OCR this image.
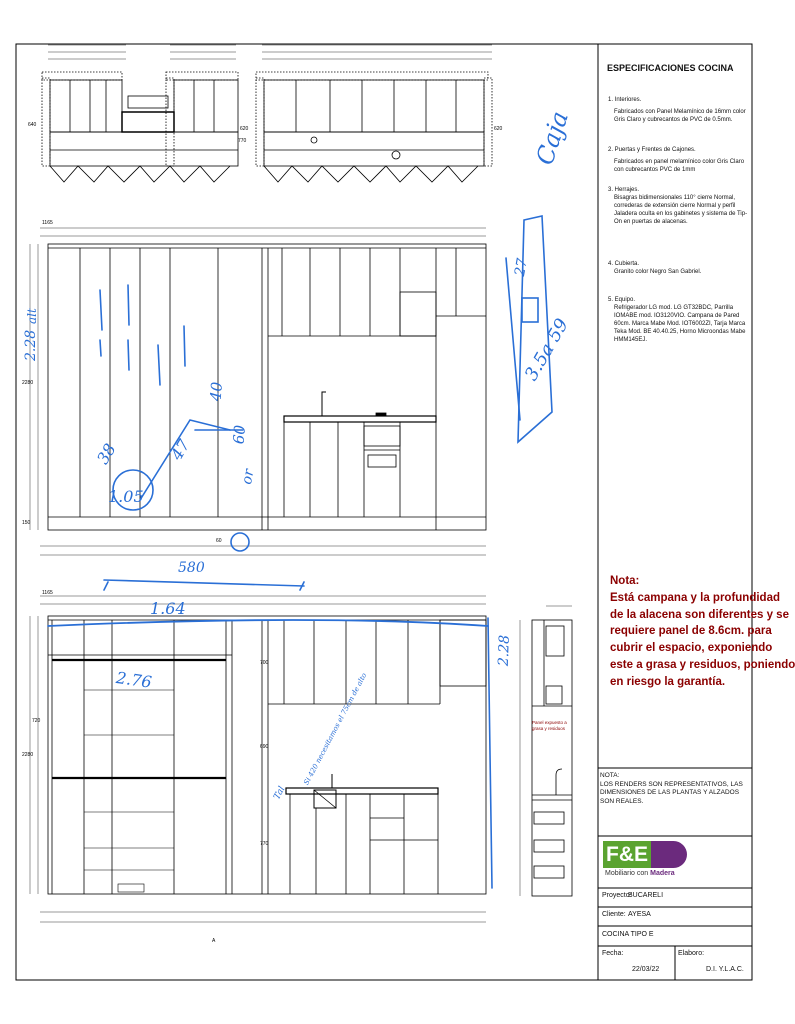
640
620	620
770
2280
150
60
1165
700
690
770
2280
720
A
1165
Caja
2.28
alt
38	47
40
60
1.05
or
27
3.5a 59
580
1.64
2.76
2.28
Tal
Si 420 necesitamos el 75cm de alto
ESPECIFICACIONES COCINA
1. Interiores.
Fabricados con Panel Melamínico de 16mm color Gris Claro y cubrecantos de PVC de 0.5mm.
2. Puertas y Frentes de Cajones.
Fabricados en panel melamínico color Gris Claro con cubrecantos PVC de 1mm
3. Herrajes.
Bisagras bidimensionales 110° cierre Normal, correderas de extensión cierre Normal y perfil Jaladera oculta en los gabinetes y sistema de Tip-On en puertas de alacenas.
4. Cubierta.
Granito color Negro San Gabriel.
5. Equipo.
Refrigerador LG mod. LG GT32BDC, Parrilla IOMABE mod. IO3120VIO. Campana de Pared 60cm. Marca Mabe Mod. IOT6002ZI, Tarja Marca Teka Mod. BE 40.40.25, Horno Microondas Mabe HMM145EJ.
Nota:
Está campana y la profundidad
de la alacena son diferentes y se
requiere panel de 8.6cm. para
cubrir el espacio, exponiendo
este a grasa y residuos, poniendo
en riesgo la garantía.
Panel expuesto a grasa y residuos
NOTA:
LOS RENDERS SON REPRESENTATIVOS, LAS DIMENSIONES DE LAS PLANTAS Y ALZADOS SON REALES.
F&E
Mobiliario con Madera
Proyecto:
BUCARELI
Cliente: AYESA
COCINA TIPO E
Fecha:
22/03/22
Elaboro:
D.I. Y.L.A.C.
